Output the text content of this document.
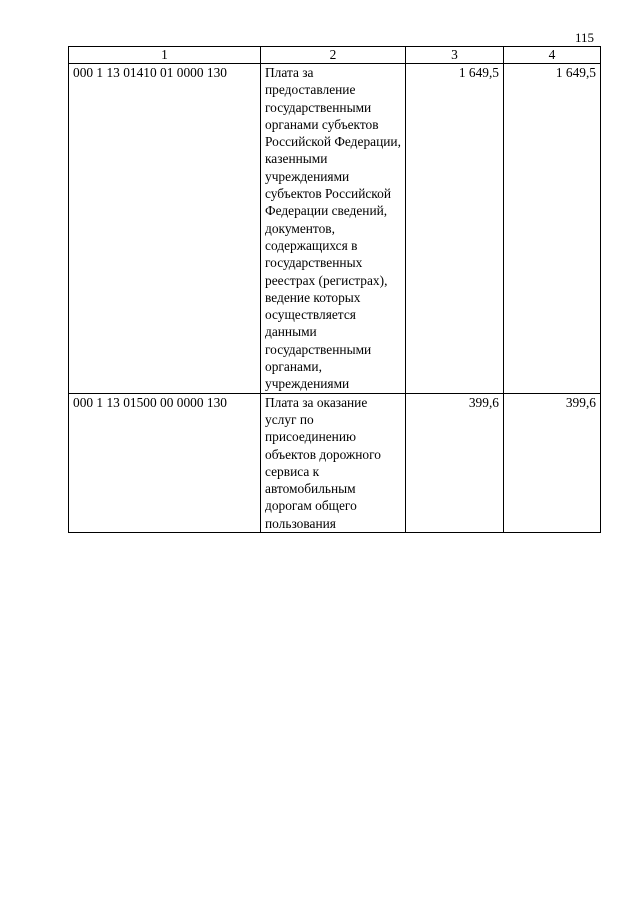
115
1	2	3	4
000 1 13 01410 01 0000 130	Плата за предоставление государственными органами субъектов Российской Федерации, казенными учреждениями субъектов Российской Федерации сведений, документов, содержащихся в государственных реестрах (регистрах), ведение которых осуществляется данными государственными органами, учреждениями	1 649,5	1 649,5
000 1 13 01500 00 0000 130	Плата за оказание услуг по присоединению объектов дорожного сервиса к автомобильным дорогам общего пользования	399,6	399,6
